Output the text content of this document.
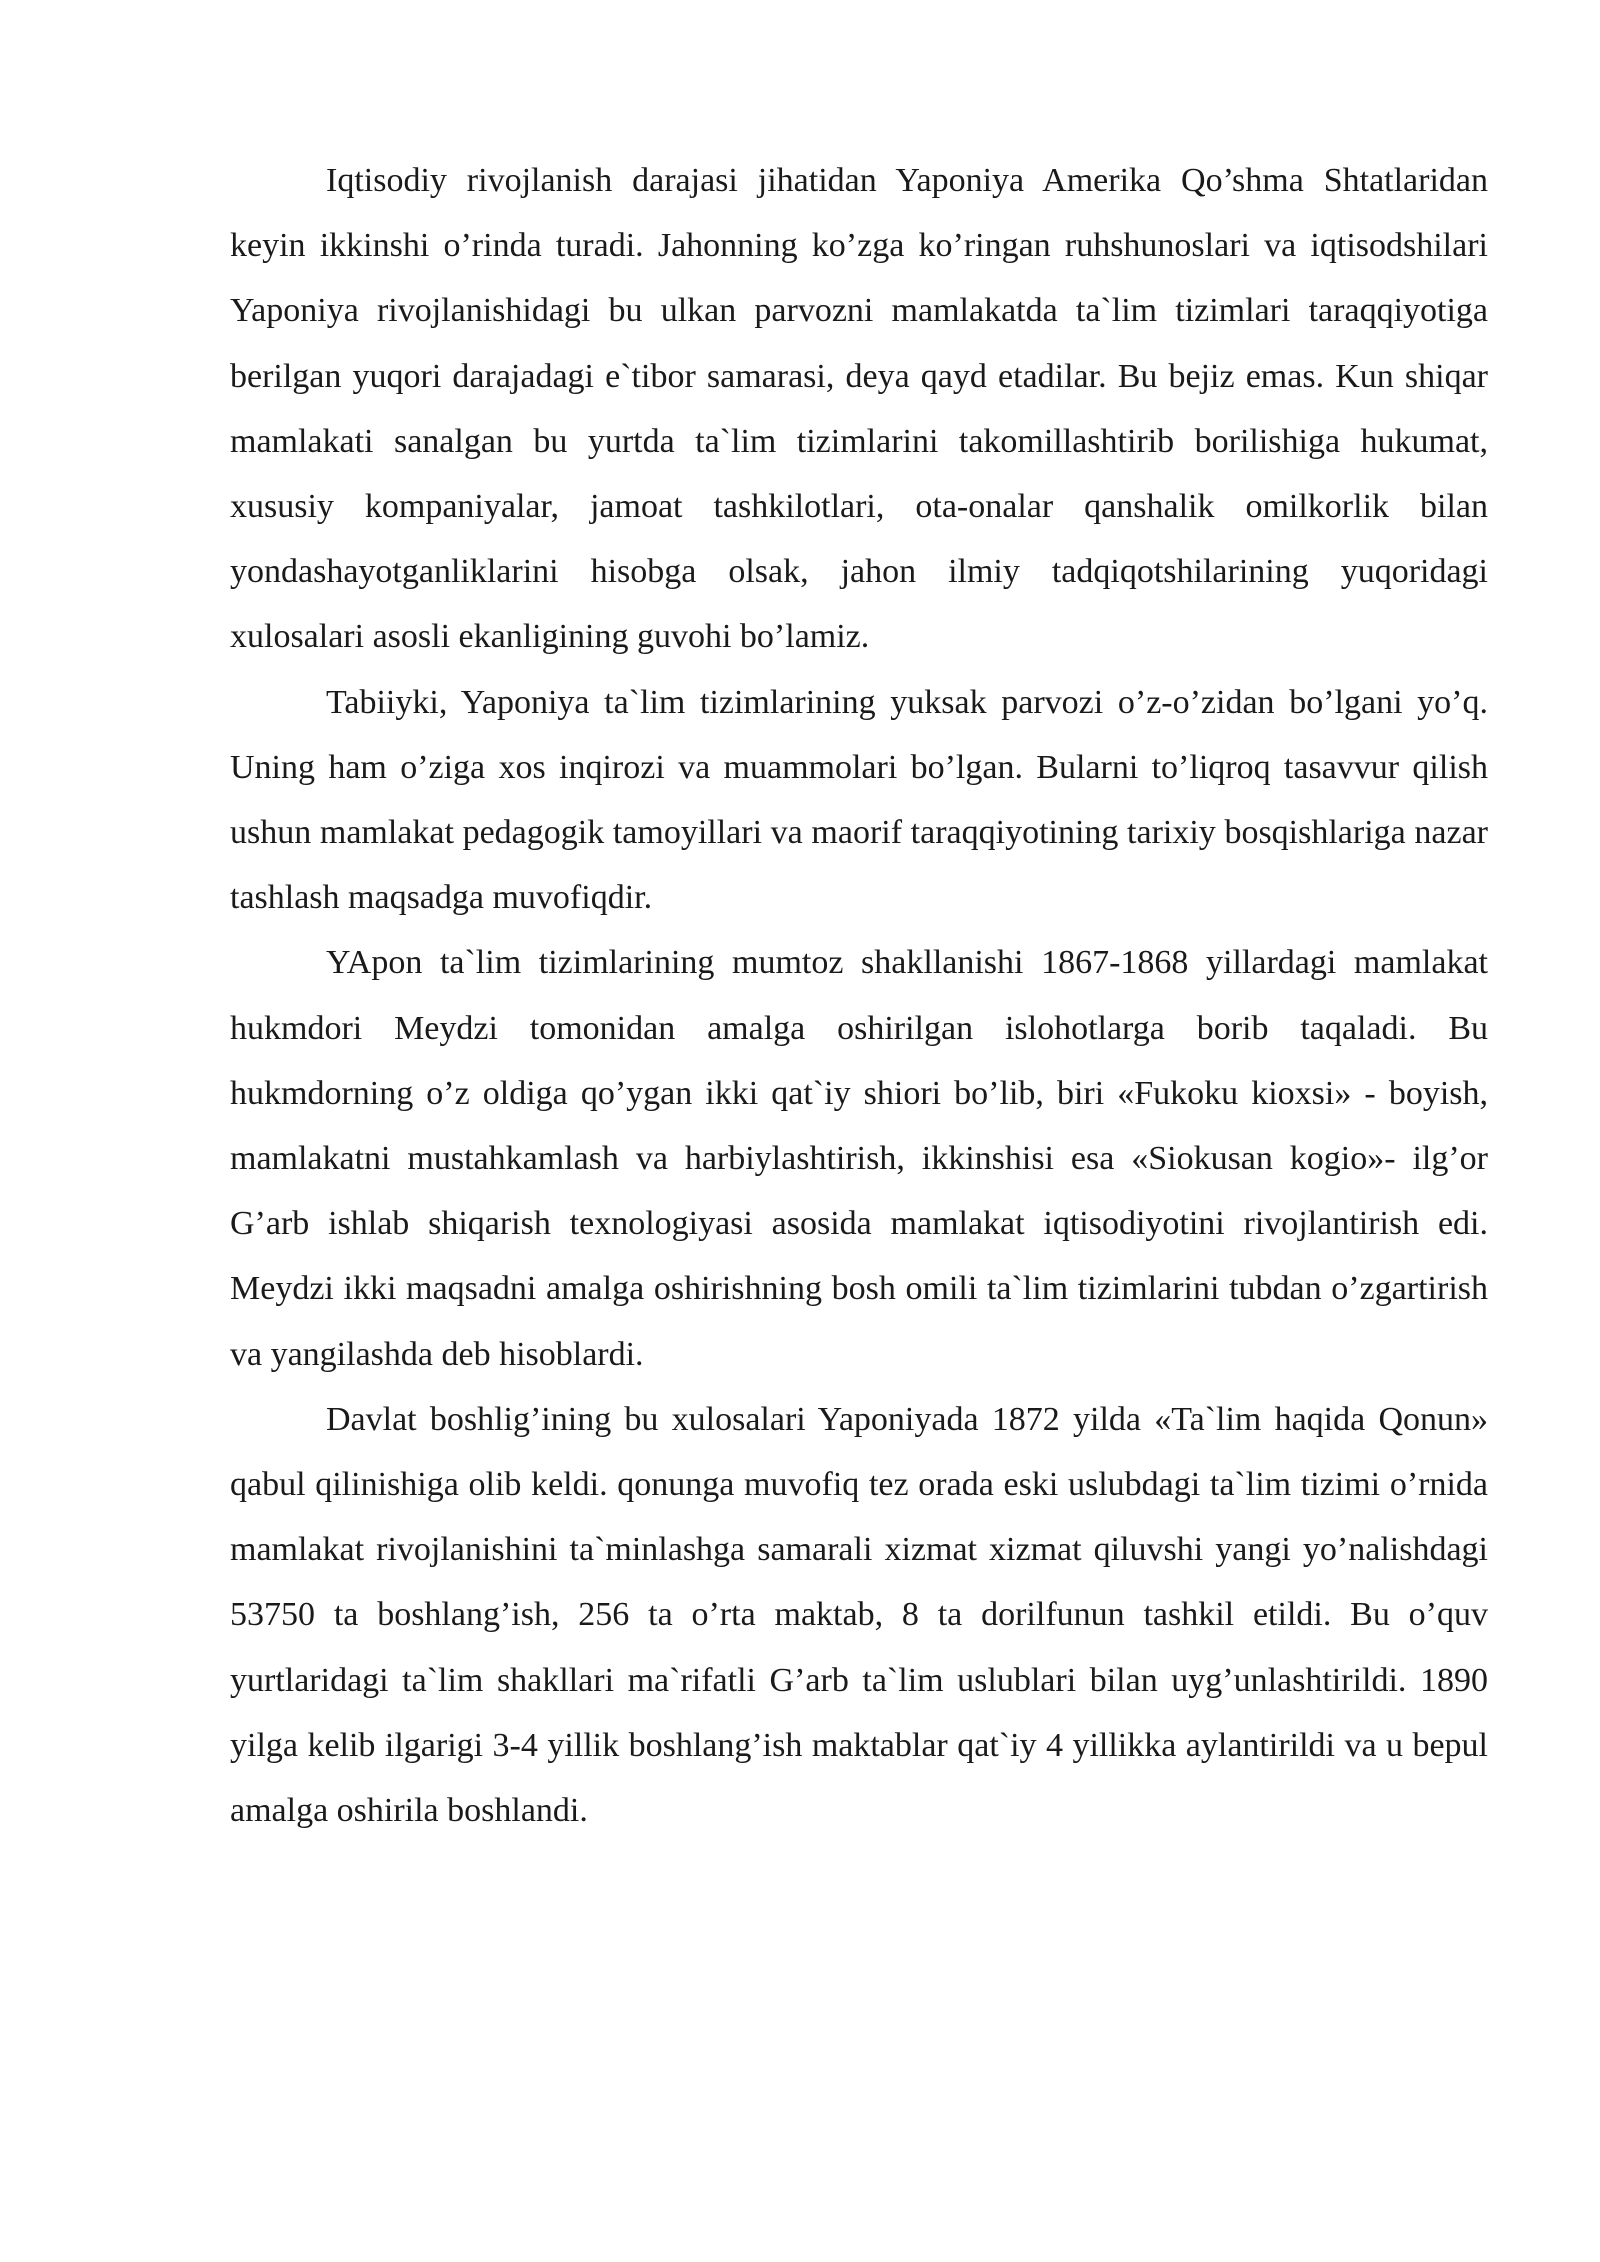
Iqtisodiy rivojlanish darajasi jihatidan Yaponiya Amerika Qo’shma Shtatlaridan keyin ikkinshi o’rinda turadi. Jahonning ko’zga ko’ringan ruhshunoslari va iqtisodshilari Yaponiya rivojlanishidagi bu ulkan parvozni mamlakatda ta`lim tizimlari taraqqiyotiga berilgan yuqori darajadagi e`tibor samarasi, deya qayd etadilar. Bu bejiz emas. Kun shiqar mamlakati sanalgan bu yurtda ta`lim tizimlarini takomillashtirib borilishiga hukumat, xususiy kompaniyalar, jamoat tashkilotlari, ota-onalar qanshalik omilkorlik bilan yondashayotganliklarini hisobga olsak, jahon ilmiy tadqiqotshilarining yuqoridagi xulosalari asosli ekanligining guvohi bo’lamiz.

Tabiiyki, Yaponiya ta`lim tizimlarining yuksak parvozi o’z-o’zidan bo’lgani yo’q. Uning ham o’ziga xos inqirozi va muammolari bo’lgan. Bularni to’liqroq tasavvur qilish ushun mamlakat pedagogik tamoyillari va maorif taraqqiyotining tarixiy bosqishlariga nazar tashlash maqsadga muvofiqdir.

YApon ta`lim tizimlarining mumtoz shakllanishi 1867-1868 yillardagi mamlakat hukmdori Meydzi tomonidan amalga oshirilgan islohotlarga borib taqaladi. Bu hukmdorning o’z oldiga qo’ygan ikki qat`iy shiori bo’lib, biri «Fukoku kioxsi» - boyish, mamlakatni mustahkamlash va harbiylashtirish, ikkinshisi esa «Siokusan kogio»- ilg’or G’arb ishlab shiqarish texnologiyasi asosida mamlakat iqtisodiyotini rivojlantirish edi. Meydzi ikki maqsadni amalga oshirishning bosh omili ta`lim tizimlarini tubdan o’zgartirish va yangilashda deb hisoblardi.

Davlat boshlig’ining bu xulosalari Yaponiyada 1872 yilda «Ta`lim haqida Qonun» qabul qilinishiga olib keldi. qonunga muvofiq tez orada eski uslubdagi ta`lim tizimi o’rnida mamlakat rivojlanishini ta`minlashga samarali xizmat xizmat qiluvshi yangi yo’nalishdagi 53750 ta boshlang’ish, 256 ta o’rta maktab, 8 ta dorilfunun tashkil etildi. Bu o’quv yurtlaridagi ta`lim shakllari ma`rifatli G’arb ta`lim uslublari bilan uyg’unlashtirildi. 1890 yilga kelib ilgarigi 3-4 yillik boshlang’ish maktablar qat`iy 4 yillikka aylantirildi va u bepul amalga oshirila boshlandi.
